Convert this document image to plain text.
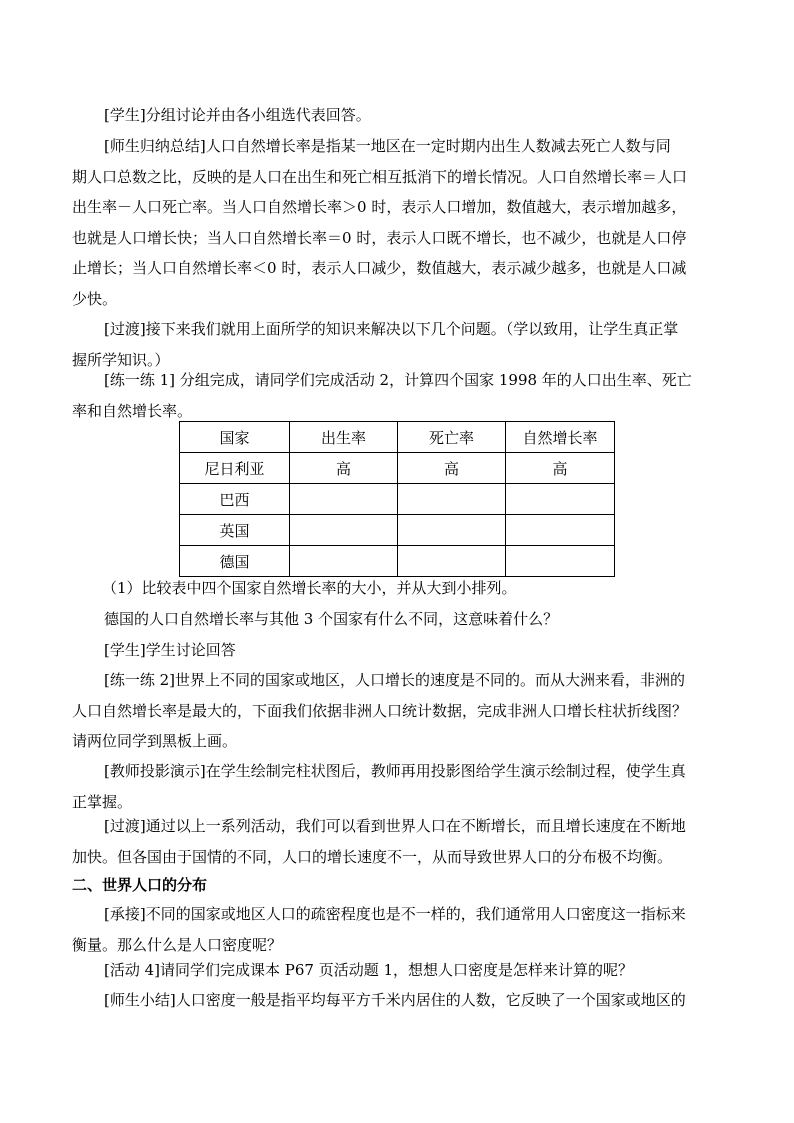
[学生]分组讨论并由各小组选代表回答。

[师生归纳总结]人口自然增长率是指某一地区在一定时期内出生人数减去死亡人数与同
期人口总数之比，反映的是人口在出生和死亡相互抵消下的增长情况。人口自然增长率＝人口
出生率－人口死亡率。当人口自然增长率＞0 时，表示人口增加，数值越大，表示增加越多，
也就是人口增长快；当人口自然增长率＝0 时，表示人口既不增长，也不减少，也就是人口停
止增长；当人口自然增长率＜0 时，表示人口减少，数值越大，表示减少越多，也就是人口减
少快。

[过渡]接下来我们就用上面所学的知识来解决以下几个问题。（学以致用，让学生真正掌
握所学知识。）

[练一练 1] 分组完成，请同学们完成活动 2，计算四个国家 1998 年的人口出生率、死亡
率和自然增长率。

国家	出生率	死亡率	自然增长率
尼日利亚	高	高	高
巴西			
英国			
德国			

（1）比较表中四个国家自然增长率的大小，并从大到小排列。

德国的人口自然增长率与其他 3 个国家有什么不同，这意味着什么？

[学生]学生讨论回答

[练一练 2]世界上不同的国家或地区，人口增长的速度是不同的。而从大洲来看，非洲的
人口自然增长率是最大的，下面我们依据非洲人口统计数据，完成非洲人口增长柱状折线图？
请两位同学到黑板上画。

[教师投影演示]在学生绘制完柱状图后，教师再用投影图给学生演示绘制过程，使学生真
正掌握。

[过渡]通过以上一系列活动，我们可以看到世界人口在不断增长，而且增长速度在不断地
加快。但各国由于国情的不同，人口的增长速度不一，从而导致世界人口的分布极不均衡。

二、世界人口的分布

[承接]不同的国家或地区人口的疏密程度也是不一样的，我们通常用人口密度这一指标来
衡量。那么什么是人口密度呢？

[活动 4]请同学们完成课本 P67 页活动题 1，想想人口密度是怎样来计算的呢？

[师生小结]人口密度一般是指平均每平方千米内居住的人数，它反映了一个国家或地区的
